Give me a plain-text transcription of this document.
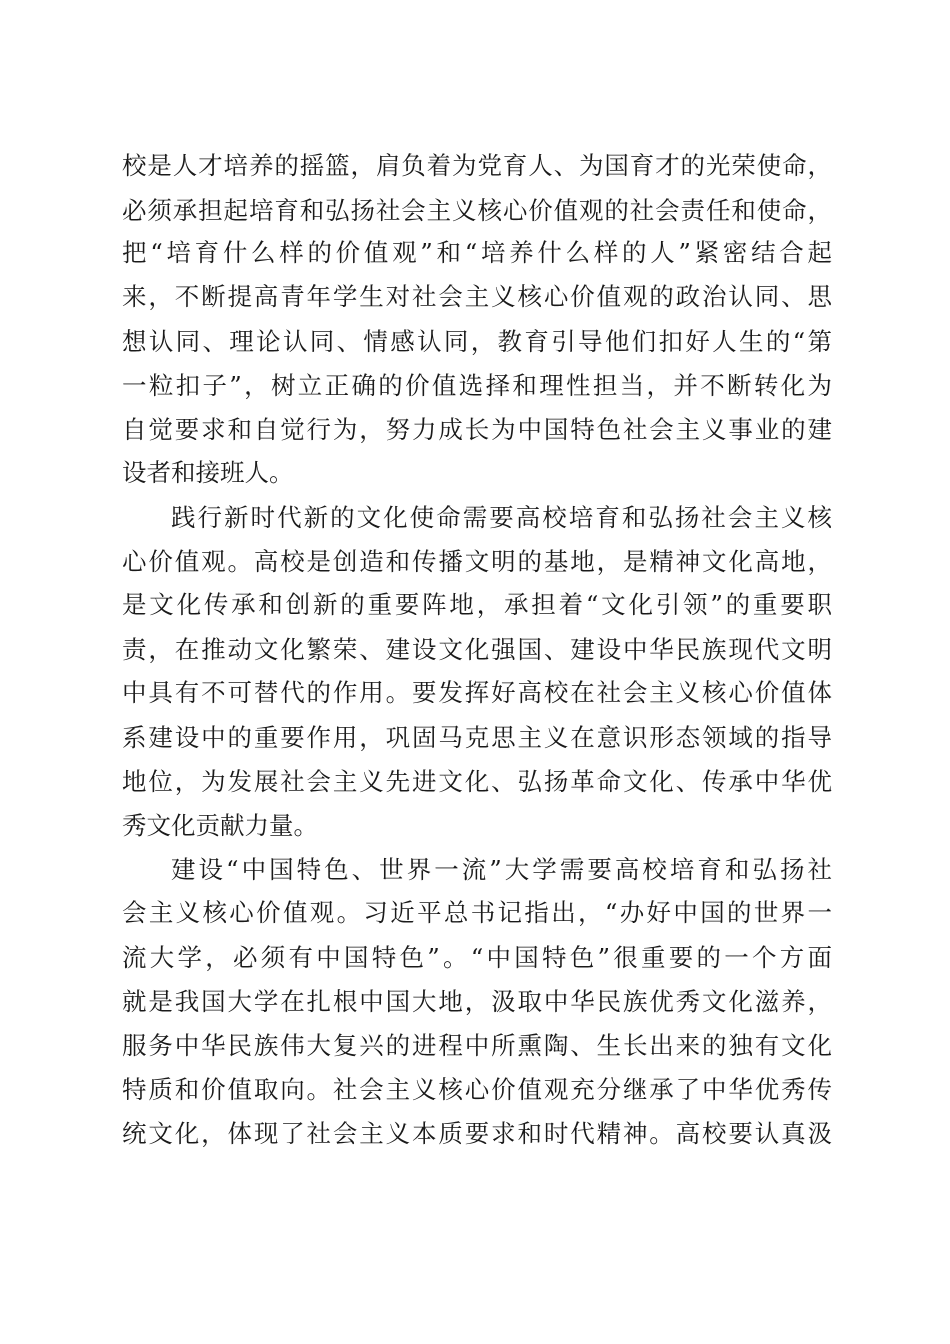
校是人才培养的摇篮，肩负着为党育人、为国育才的光荣使命，
必须承担起培育和弘扬社会主义核心价值观的社会责任和使命，
把“培育什么样的价值观”和“培养什么样的人”紧密结合起
来，不断提高青年学生对社会主义核心价值观的政治认同、思
想认同、理论认同、情感认同，教育引导他们扣好人生的“第
一粒扣子”，树立正确的价值选择和理性担当，并不断转化为
自觉要求和自觉行为，努力成长为中国特色社会主义事业的建
设者和接班人。
践行新时代新的文化使命需要高校培育和弘扬社会主义核
心价值观。高校是创造和传播文明的基地，是精神文化高地，
是文化传承和创新的重要阵地，承担着“文化引领”的重要职
责，在推动文化繁荣、建设文化强国、建设中华民族现代文明
中具有不可替代的作用。要发挥好高校在社会主义核心价值体
系建设中的重要作用，巩固马克思主义在意识形态领域的指导
地位，为发展社会主义先进文化、弘扬革命文化、传承中华优
秀文化贡献力量。
建设“中国特色、世界一流”大学需要高校培育和弘扬社
会主义核心价值观。习近平总书记指出，“办好中国的世界一
流大学，必须有中国特色”。“中国特色”很重要的一个方面
就是我国大学在扎根中国大地，汲取中华民族优秀文化滋养，
服务中华民族伟大复兴的进程中所熏陶、生长出来的独有文化
特质和价值取向。社会主义核心价值观充分继承了中华优秀传
统文化，体现了社会主义本质要求和时代精神。高校要认真汲
